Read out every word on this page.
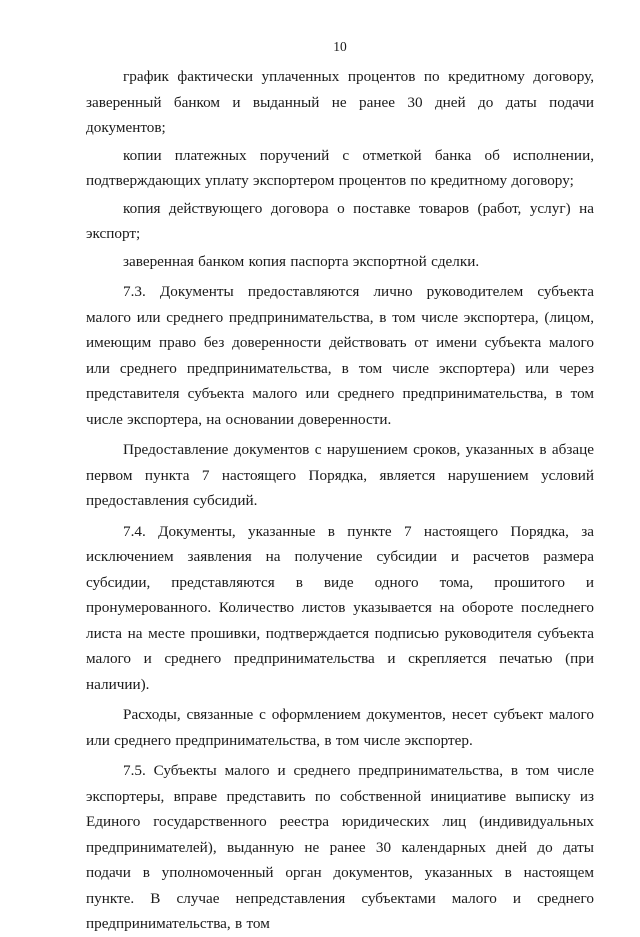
10

график фактически уплаченных процентов по кредитному договору, заверенный банком и выданный не ранее 30 дней до даты подачи документов;

копии платежных поручений с отметкой банка об исполнении, подтверждающих уплату экспортером процентов по кредитному договору;

копия действующего договора о поставке товаров (работ, услуг) на экспорт;

заверенная банком копия паспорта экспортной сделки.

7.3. Документы предоставляются лично руководителем субъекта малого или среднего предпринимательства, в том числе экспортера, (лицом, имеющим право без доверенности действовать от имени субъекта малого или среднего предпринимательства, в том числе экспортера) или через представителя субъекта малого или среднего предпринимательства, в том числе экспортера, на основании доверенности.

Предоставление документов с нарушением сроков, указанных в абзаце первом пункта 7 настоящего Порядка, является нарушением условий предоставления субсидий.

7.4. Документы, указанные в пункте 7 настоящего Порядка, за исключением заявления на получение субсидии и расчетов размера субсидии, представляются в виде одного тома, прошитого и пронумерованного. Количество листов указывается на обороте последнего листа на месте прошивки, подтверждается подписью руководителя субъекта малого и среднего предпринимательства и скрепляется печатью (при наличии).

Расходы, связанные с оформлением документов, несет субъект малого или среднего предпринимательства, в том числе экспортер.

7.5. Субъекты малого и среднего предпринимательства, в том числе экспортеры, вправе представить по собственной инициативе выписку из Единого государственного реестра юридических лиц (индивидуальных предпринимателей), выданную не ранее 30 календарных дней до даты подачи в уполномоченный орган документов, указанных в настоящем пункте. В случае непредставления субъектами малого и среднего предпринимательства, в том
